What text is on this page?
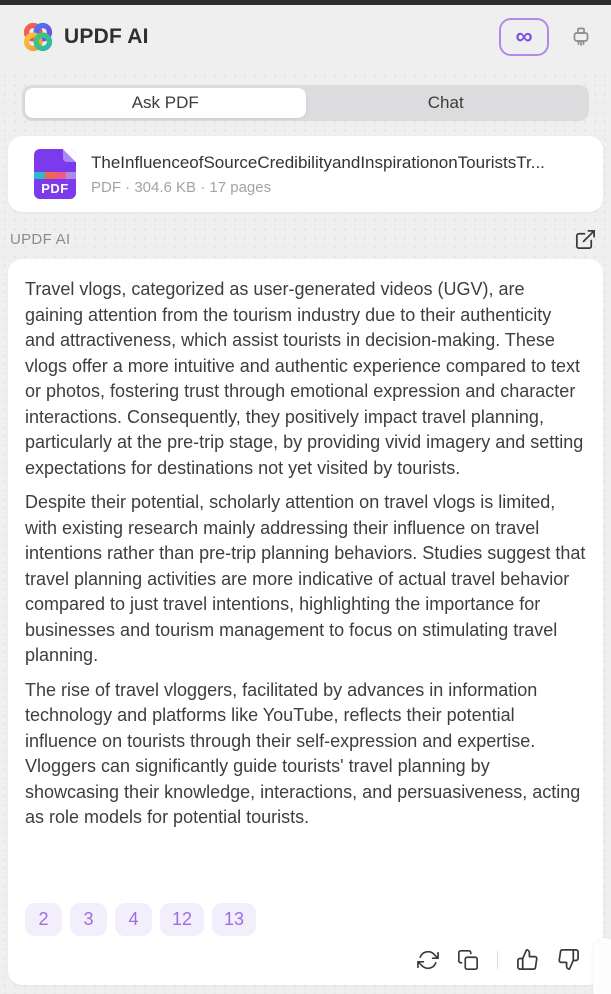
UPDF AI	∞
Ask PDF	Chat
PDF
TheInfluenceofSourceCredibilityandInspirationonTouristsTr...
PDF · 304.6 KB · 17 pages
UPDF AI

Travel vlogs, categorized as user-generated videos (UGV), are gaining attention from the tourism industry due to their authenticity and attractiveness, which assist tourists in decision-making. These vlogs offer a more intuitive and authentic experience compared to text or photos, fostering trust through emotional expression and character interactions. Consequently, they positively impact travel planning, particularly at the pre-trip stage, by providing vivid imagery and setting expectations for destinations not yet visited by tourists.

Despite their potential, scholarly attention on travel vlogs is limited, with existing research mainly addressing their influence on travel intentions rather than pre-trip planning behaviors. Studies suggest that travel planning activities are more indicative of actual travel behavior compared to just travel intentions, highlighting the importance for businesses and tourism management to focus on stimulating travel planning.

The rise of travel vloggers, facilitated by advances in information technology and platforms like YouTube, reflects their potential influence on tourists through their self-expression and expertise. Vloggers can significantly guide tourists' travel planning by showcasing their knowledge, interactions, and persuasiveness, acting as role models for potential tourists.

2	3	4	12	13
